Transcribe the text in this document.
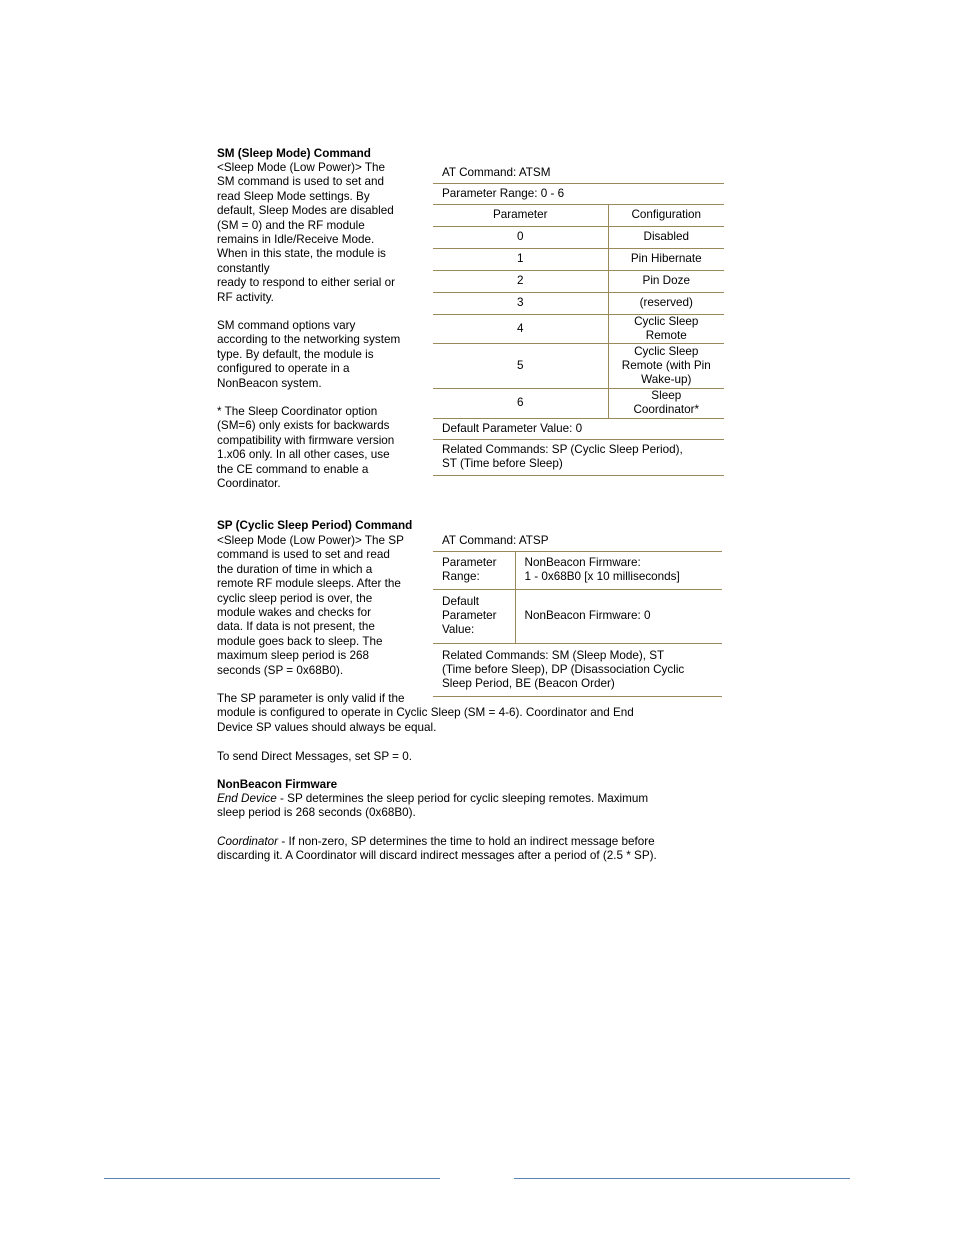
SM (Sleep Mode) Command
<Sleep Mode (Low Power)> The
SM command is used to set and
read Sleep Mode settings. By
default, Sleep Modes are disabled
(SM = 0) and the RF module
remains in Idle/Receive Mode.
When in this state, the module is
constantly
ready to respond to either serial or
RF activity.
SM command options vary
according to the networking system
type. By default, the module is
configured to operate in a
NonBeacon system.
* The Sleep Coordinator option
(SM=6) only exists for backwards
compatibility with firmware version
1.x06 only. In all other cases, use
the CE command to enable a
Coordinator.
AT Command: ATSM	
Parameter Range: 0 - 6	
Parameter	Configuration
0	Disabled
1	Pin Hibernate
2	Pin Doze
3	(reserved)
4	Cyclic Sleep
Remote
5	Cyclic Sleep
Remote (with Pin
Wake-up)
6	Sleep
Coordinator*
Default Parameter Value: 0	
Related Commands: SP (Cyclic Sleep Period),
ST (Time before Sleep)	
SP (Cyclic Sleep Period) Command
<Sleep Mode (Low Power)> The SP
command is used to set and read
the duration of time in which a
remote RF module sleeps. After the
cyclic sleep period is over, the
module wakes and checks for
data. If data is not present, the
module goes back to sleep. The
maximum sleep period is 268
seconds (SP = 0x68B0).
The SP parameter is only valid if the
module is configured to operate in Cyclic Sleep (SM = 4-6). Coordinator and End
Device SP values should always be equal.
To send Direct Messages, set SP = 0.
NonBeacon Firmware
End Device - SP determines the sleep period for cyclic sleeping remotes. Maximum
sleep period is 268 seconds (0x68B0).
Coordinator - If non-zero, SP determines the time to hold an indirect message before
discarding it. A Coordinator will discard indirect messages after a period of (2.5 * SP).
AT Command: ATSP	
Parameter
Range:	NonBeacon Firmware:
1 - 0x68B0 [x 10 milliseconds]
Default
Parameter
Value:	NonBeacon Firmware: 0
Related Commands: SM (Sleep Mode), ST
(Time before Sleep), DP (Disassociation Cyclic
Sleep Period, BE (Beacon Order)	
